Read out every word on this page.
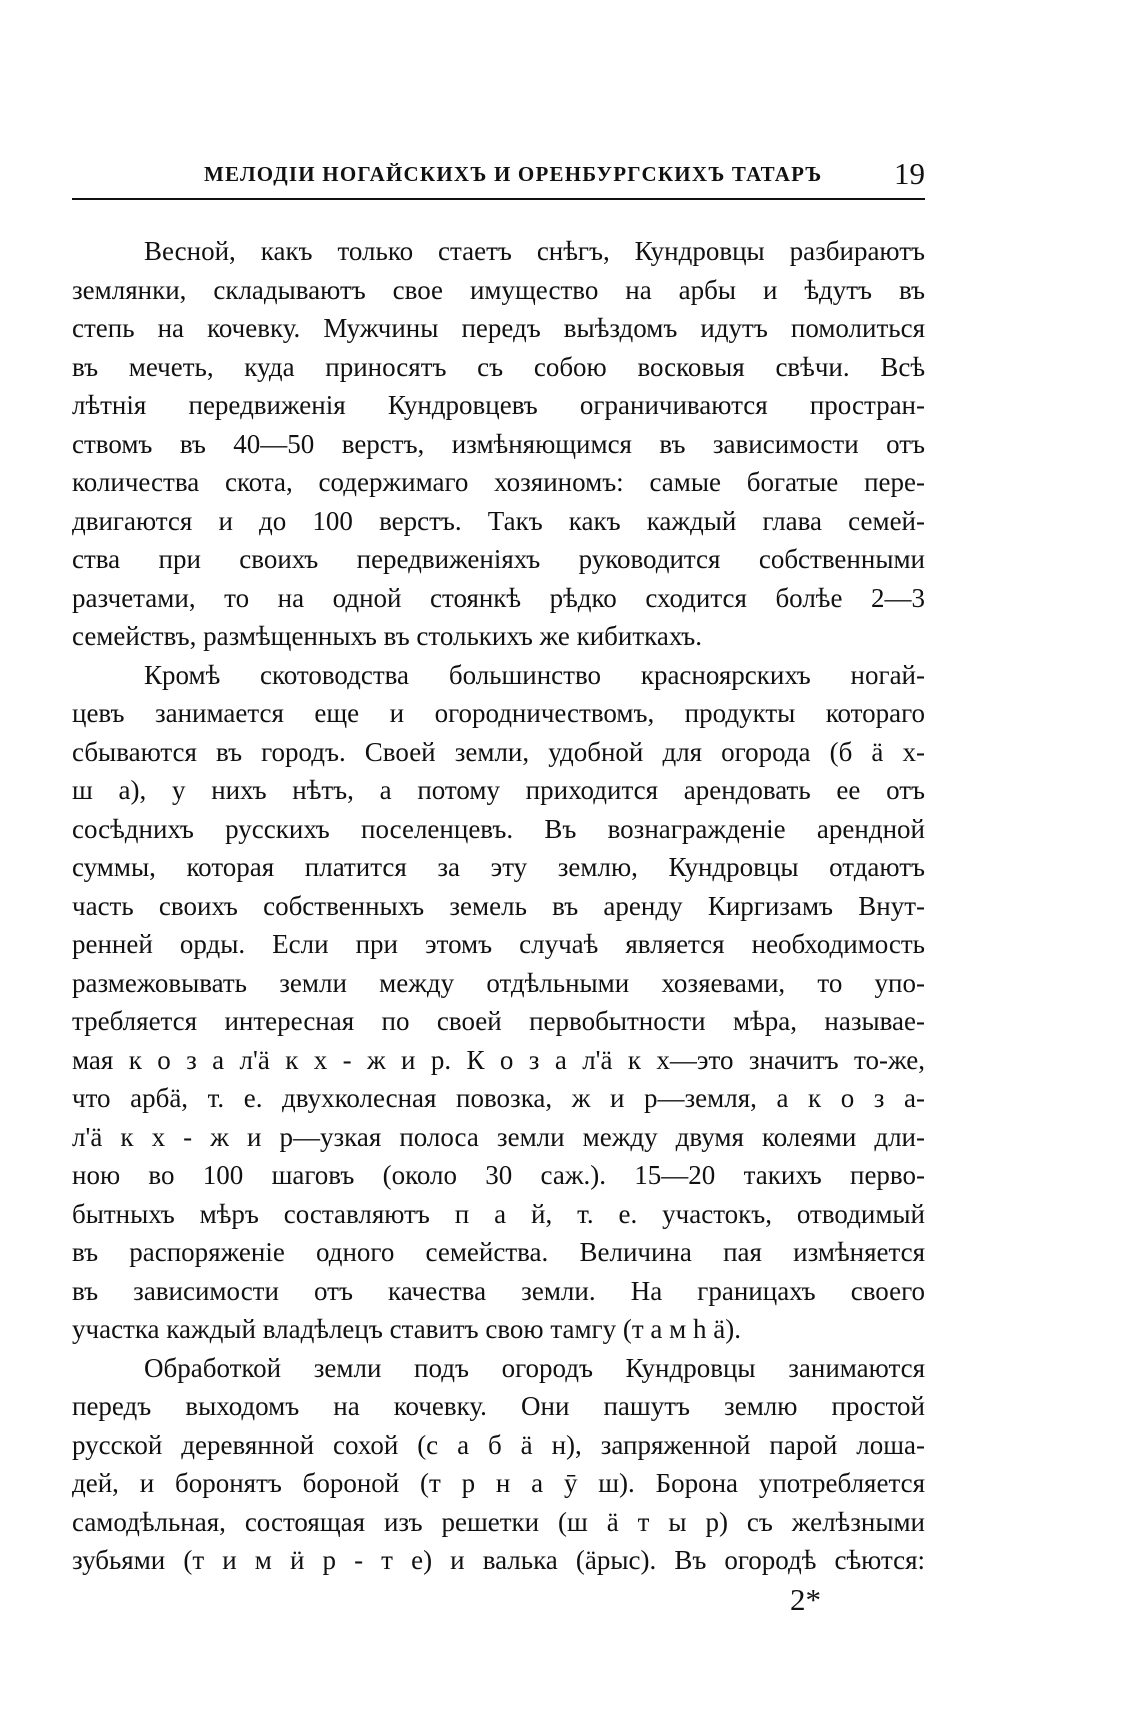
МЕЛОДІИ НОГАЙСКИХЪ И ОРЕНБУРГСКИХЪ ТАТАРЪ 19
Весной, какъ только стаетъ снѣгъ, Кундровцы разбираютъ
землянки, складываютъ свое имущество на арбы и ѣдутъ въ
степь на кочевку. Мужчины передъ выѣздомъ идутъ помолиться
въ мечеть, куда приносятъ съ собою восковыя свѣчи. Всѣ
лѣтнія передвиженія Кундровцевъ ограничиваются простран-
ствомъ въ 40—50 верстъ, измѣняющимся въ зависимости отъ
количества скота, содержимаго хозяиномъ: самые богатые пере-
двигаются и до 100 верстъ. Такъ какъ каждый глава семей-
ства при своихъ передвиженіяхъ руководится собственными
разчетами, то на одной стоянкѣ рѣдко сходится болѣе 2—3
семействъ, размѣщенныхъ въ столькихъ же кибиткахъ.
Кромѣ скотоводства большинство красноярскихъ ногай-
цевъ занимается еще и огородничествомъ, продукты котораго
сбываются въ городъ. Своей земли, удобной для огорода (б ӓ х-
ш а), у нихъ нѣтъ, а потому приходится арендовать ее отъ
сосѣднихъ русскихъ поселенцевъ. Въ вознагражденіе арендной
суммы, которая платится за эту землю, Кундровцы отдаютъ
часть своихъ собственныхъ земель въ аренду Киргизамъ Внут-
ренней орды. Если при этомъ случаѣ является необходимость
размежовывать земли между отдѣльными хозяевами, то упо-
требляется интересная по своей первобытности мѣра, называе-
мая к о з а л'ӓ к х - ж и р. К о з а л'ӓ к х—это значитъ то-же,
что арбӓ, т. е. двухколесная повозка, ж и р—земля, а к о з а-
л'ӓ к х - ж и р—узкая полоса земли между двумя колеями дли-
ною во 100 шаговъ (около 30 саж.). 15—20 такихъ перво-
бытныхъ мѣръ составляютъ п а й, т. е. участокъ, отводимый
въ распоряженіе одного семейства. Величина пая измѣняется
въ зависимости отъ качества земли. На границахъ своего
участка каждый владѣлецъ ставитъ свою тамгу (т а м һ ӓ).
Обработкой земли подъ огородъ Кундровцы занимаются
передъ выходомъ на кочевку. Они пашутъ землю простой
русской деревянной сохой (с а б ӓ н), запряженной парой лоша-
дей, и боронятъ бороной (т р н а ӯ ш). Борона употребляется
самодѣльная, состоящая изъ решетки (ш ӓ т ы р) съ желѣзными
зубьями (т и м ӥ р - т е) и валька (ӓрыс). Въ огородѣ сѣются:
2*
